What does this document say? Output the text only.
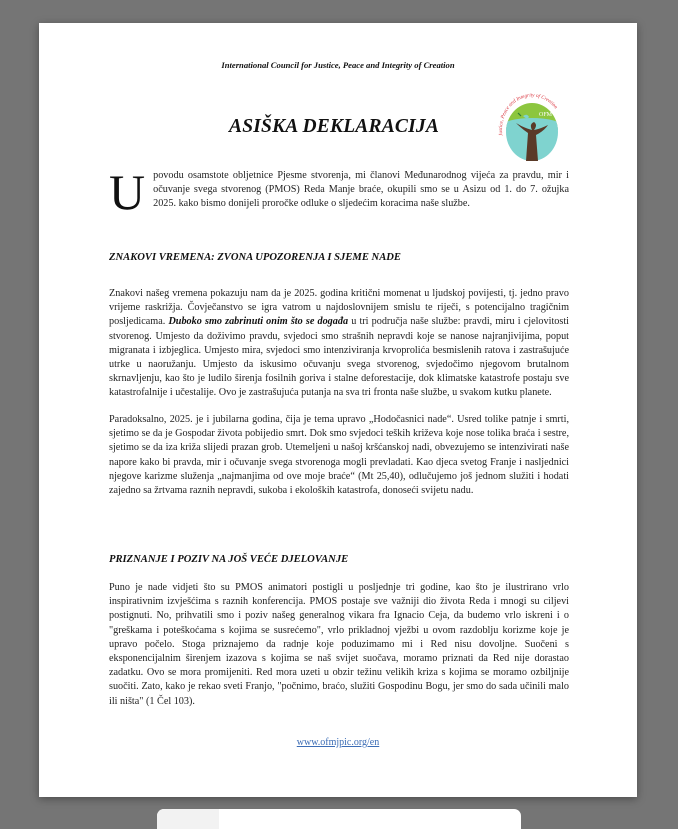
International Council for Justice, Peace and Integrity of Creation
ASIŠKA DEKLARACIJA	Justice, Peace and Integrity of Creation
OFM
U povodu osamstote obljetnice Pjesme stvorenja, mi članovi Međunarodnog vijeća za pravdu, mir i očuvanje svega stvorenog (PMOS) Reda Manje braće, okupili smo se u Asizu od 1. do 7. ožujka 2025. kako bismo donijeli proročke odluke o sljedećim koracima naše službe.
ZNAKOVI VREMENA: ZVONA UPOZORENJA I SJEME NADE

Znakovi našeg vremena pokazuju nam da je 2025. godina kritični momenat u ljudskoj povijesti, tj. jedno pravo vrijeme raskrižja. Čovječanstvo se igra vatrom u najdoslovnijem smislu te riječi, s potencijalno tragičnim posljedicama. Duboko smo zabrinuti onim što se događa u tri područja naše službe: pravdi, miru i cjelovitosti stvorenog. Umjesto da doživimo pravdu, svjedoci smo strašnih nepravdi koje se nanose najranjivijima, poput migranata i izbjeglica. Umjesto mira, svjedoci smo intenziviranja krvoprolića besmislenih ratova i zastrašujuće utrke u naoružanju. Umjesto da iskusimo očuvanju svega stvorenog, svjedočimo njegovom brutalnom skrnavljenju, kao što je ludilo širenja fosilnih goriva i stalne deforestacije, dok klimatske katastrofe postaju sve katastrofalnije i učestalije. Ovo je zastrašujuća putanja na sva tri fronta naše službe, u svakom kutku planete.

Paradoksalno, 2025. je i jubilarna godina, čija je tema upravo „Hodočasnici nade“. Usred tolike patnje i smrti, sjetimo se da je Gospodar života pobijedio smrt. Dok smo svjedoci teških križeva koje nose tolika braća i sestre, sjetimo se da iza križa slijedi prazan grob. Utemeljeni u našoj kršćanskoj nadi, obvezujemo se intenzivirati naše napore kako bi pravda, mir i očuvanje svega stvorenoga mogli prevladati. Kao djeca svetog Franje i nasljednici njegove karizme služenja „najmanjima od ove moje braće“ (Mt 25,40), odlučujemo još jednom služiti i hodati zajedno sa žrtvama raznih nepravdi, sukoba i ekoloških katastrofa, donoseći svijetu nadu.

PRIZNANJE I POZIV NA JOŠ VEĆE DJELOVANJE

Puno je nade vidjeti što su PMOS animatori postigli u posljednje tri godine, kao što je ilustrirano vrlo inspirativnim izvješćima s raznih konferencija. PMOS postaje sve važniji dio života Reda i mnogi su ciljevi postignuti. No, prihvatili smo i poziv našeg generalnog vikara fra Ignacio Ceja, da budemo vrlo iskreni i o "greškama i poteškoćama s kojima se susrećemo", vrlo prikladnoj vježbi u ovom razdoblju korizme koje je upravo počelo. Stoga priznajemo da radnje koje poduzimamo mi i Red nisu dovoljne. Suočeni s eksponencijalnim širenjem izazova s kojima se naš svijet suočava, moramo priznati da Red nije dorastao zadatku. Ovo se mora promijeniti. Red mora uzeti u obzir težinu velikih kriza s kojima se moramo ozbiljnije suočiti. Zato, kako je rekao sveti Franjo, "počnimo, braćo, služiti Gospodinu Bogu, jer smo do sada učinili malo ili ništa" (1 Čel 103).

www.ofmjpic.org/en
